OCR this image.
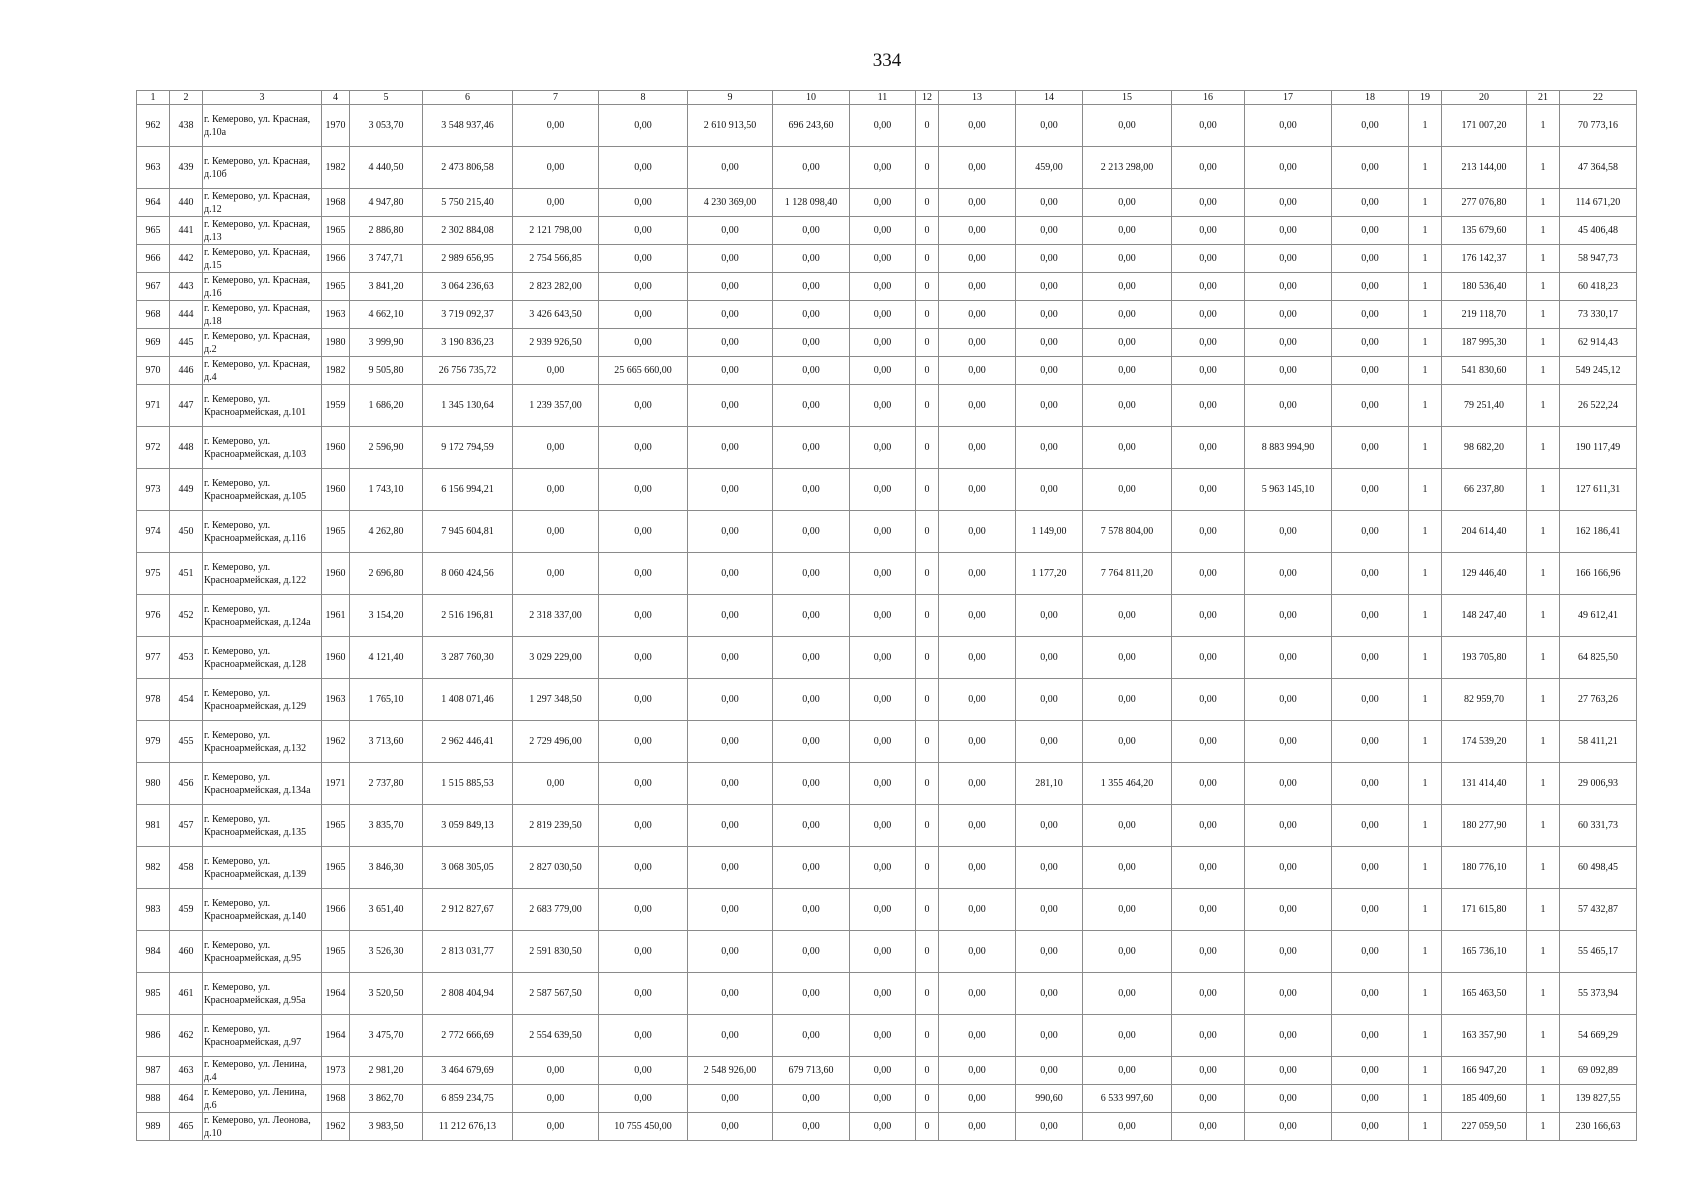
334
1	2	3	4	5	6	7	8	9	10	11	12	13	14	15	16	17	18	19	20	21	22
962	438	г. Кемерово, ул. Красная, д.10а	1970	3 053,70	3 548 937,46	0,00	0,00	2 610 913,50	696 243,60	0,00	0	0,00	0,00	0,00	0,00	0,00	0,00	1	171 007,20	1	70 773,16
963	439	г. Кемерово, ул. Красная, д.10б	1982	4 440,50	2 473 806,58	0,00	0,00	0,00	0,00	0,00	0	0,00	459,00	2 213 298,00	0,00	0,00	0,00	1	213 144,00	1	47 364,58
964	440	г. Кемерово, ул. Красная, д.12	1968	4 947,80	5 750 215,40	0,00	0,00	4 230 369,00	1 128 098,40	0,00	0	0,00	0,00	0,00	0,00	0,00	0,00	1	277 076,80	1	114 671,20
965	441	г. Кемерово, ул. Красная, д.13	1965	2 886,80	2 302 884,08	2 121 798,00	0,00	0,00	0,00	0,00	0	0,00	0,00	0,00	0,00	0,00	0,00	1	135 679,60	1	45 406,48
966	442	г. Кемерово, ул. Красная, д.15	1966	3 747,71	2 989 656,95	2 754 566,85	0,00	0,00	0,00	0,00	0	0,00	0,00	0,00	0,00	0,00	0,00	1	176 142,37	1	58 947,73
967	443	г. Кемерово, ул. Красная, д.16	1965	3 841,20	3 064 236,63	2 823 282,00	0,00	0,00	0,00	0,00	0	0,00	0,00	0,00	0,00	0,00	0,00	1	180 536,40	1	60 418,23
968	444	г. Кемерово, ул. Красная, д.18	1963	4 662,10	3 719 092,37	3 426 643,50	0,00	0,00	0,00	0,00	0	0,00	0,00	0,00	0,00	0,00	0,00	1	219 118,70	1	73 330,17
969	445	г. Кемерово, ул. Красная, д.2	1980	3 999,90	3 190 836,23	2 939 926,50	0,00	0,00	0,00	0,00	0	0,00	0,00	0,00	0,00	0,00	0,00	1	187 995,30	1	62 914,43
970	446	г. Кемерово, ул. Красная, д.4	1982	9 505,80	26 756 735,72	0,00	25 665 660,00	0,00	0,00	0,00	0	0,00	0,00	0,00	0,00	0,00	0,00	1	541 830,60	1	549 245,12
971	447	г. Кемерово, ул. Красноармейская, д.101	1959	1 686,20	1 345 130,64	1 239 357,00	0,00	0,00	0,00	0,00	0	0,00	0,00	0,00	0,00	0,00	0,00	1	79 251,40	1	26 522,24
972	448	г. Кемерово, ул. Красноармейская, д.103	1960	2 596,90	9 172 794,59	0,00	0,00	0,00	0,00	0,00	0	0,00	0,00	0,00	0,00	8 883 994,90	0,00	1	98 682,20	1	190 117,49
973	449	г. Кемерово, ул. Красноармейская, д.105	1960	1 743,10	6 156 994,21	0,00	0,00	0,00	0,00	0,00	0	0,00	0,00	0,00	0,00	5 963 145,10	0,00	1	66 237,80	1	127 611,31
974	450	г. Кемерово, ул. Красноармейская, д.116	1965	4 262,80	7 945 604,81	0,00	0,00	0,00	0,00	0,00	0	0,00	1 149,00	7 578 804,00	0,00	0,00	0,00	1	204 614,40	1	162 186,41
975	451	г. Кемерово, ул. Красноармейская, д.122	1960	2 696,80	8 060 424,56	0,00	0,00	0,00	0,00	0,00	0	0,00	1 177,20	7 764 811,20	0,00	0,00	0,00	1	129 446,40	1	166 166,96
976	452	г. Кемерово, ул. Красноармейская, д.124а	1961	3 154,20	2 516 196,81	2 318 337,00	0,00	0,00	0,00	0,00	0	0,00	0,00	0,00	0,00	0,00	0,00	1	148 247,40	1	49 612,41
977	453	г. Кемерово, ул. Красноармейская, д.128	1960	4 121,40	3 287 760,30	3 029 229,00	0,00	0,00	0,00	0,00	0	0,00	0,00	0,00	0,00	0,00	0,00	1	193 705,80	1	64 825,50
978	454	г. Кемерово, ул. Красноармейская, д.129	1963	1 765,10	1 408 071,46	1 297 348,50	0,00	0,00	0,00	0,00	0	0,00	0,00	0,00	0,00	0,00	0,00	1	82 959,70	1	27 763,26
979	455	г. Кемерово, ул. Красноармейская, д.132	1962	3 713,60	2 962 446,41	2 729 496,00	0,00	0,00	0,00	0,00	0	0,00	0,00	0,00	0,00	0,00	0,00	1	174 539,20	1	58 411,21
980	456	г. Кемерово, ул. Красноармейская, д.134а	1971	2 737,80	1 515 885,53	0,00	0,00	0,00	0,00	0,00	0	0,00	281,10	1 355 464,20	0,00	0,00	0,00	1	131 414,40	1	29 006,93
981	457	г. Кемерово, ул. Красноармейская, д.135	1965	3 835,70	3 059 849,13	2 819 239,50	0,00	0,00	0,00	0,00	0	0,00	0,00	0,00	0,00	0,00	0,00	1	180 277,90	1	60 331,73
982	458	г. Кемерово, ул. Красноармейская, д.139	1965	3 846,30	3 068 305,05	2 827 030,50	0,00	0,00	0,00	0,00	0	0,00	0,00	0,00	0,00	0,00	0,00	1	180 776,10	1	60 498,45
983	459	г. Кемерово, ул. Красноармейская, д.140	1966	3 651,40	2 912 827,67	2 683 779,00	0,00	0,00	0,00	0,00	0	0,00	0,00	0,00	0,00	0,00	0,00	1	171 615,80	1	57 432,87
984	460	г. Кемерово, ул. Красноармейская, д.95	1965	3 526,30	2 813 031,77	2 591 830,50	0,00	0,00	0,00	0,00	0	0,00	0,00	0,00	0,00	0,00	0,00	1	165 736,10	1	55 465,17
985	461	г. Кемерово, ул. Красноармейская, д.95а	1964	3 520,50	2 808 404,94	2 587 567,50	0,00	0,00	0,00	0,00	0	0,00	0,00	0,00	0,00	0,00	0,00	1	165 463,50	1	55 373,94
986	462	г. Кемерово, ул. Красноармейская, д.97	1964	3 475,70	2 772 666,69	2 554 639,50	0,00	0,00	0,00	0,00	0	0,00	0,00	0,00	0,00	0,00	0,00	1	163 357,90	1	54 669,29
987	463	г. Кемерово, ул. Ленина, д.4	1973	2 981,20	3 464 679,69	0,00	0,00	2 548 926,00	679 713,60	0,00	0	0,00	0,00	0,00	0,00	0,00	0,00	1	166 947,20	1	69 092,89
988	464	г. Кемерово, ул. Ленина, д.6	1968	3 862,70	6 859 234,75	0,00	0,00	0,00	0,00	0,00	0	0,00	990,60	6 533 997,60	0,00	0,00	0,00	1	185 409,60	1	139 827,55
989	465	г. Кемерово, ул. Леонова, д.10	1962	3 983,50	11 212 676,13	0,00	10 755 450,00	0,00	0,00	0,00	0	0,00	0,00	0,00	0,00	0,00	0,00	1	227 059,50	1	230 166,63
